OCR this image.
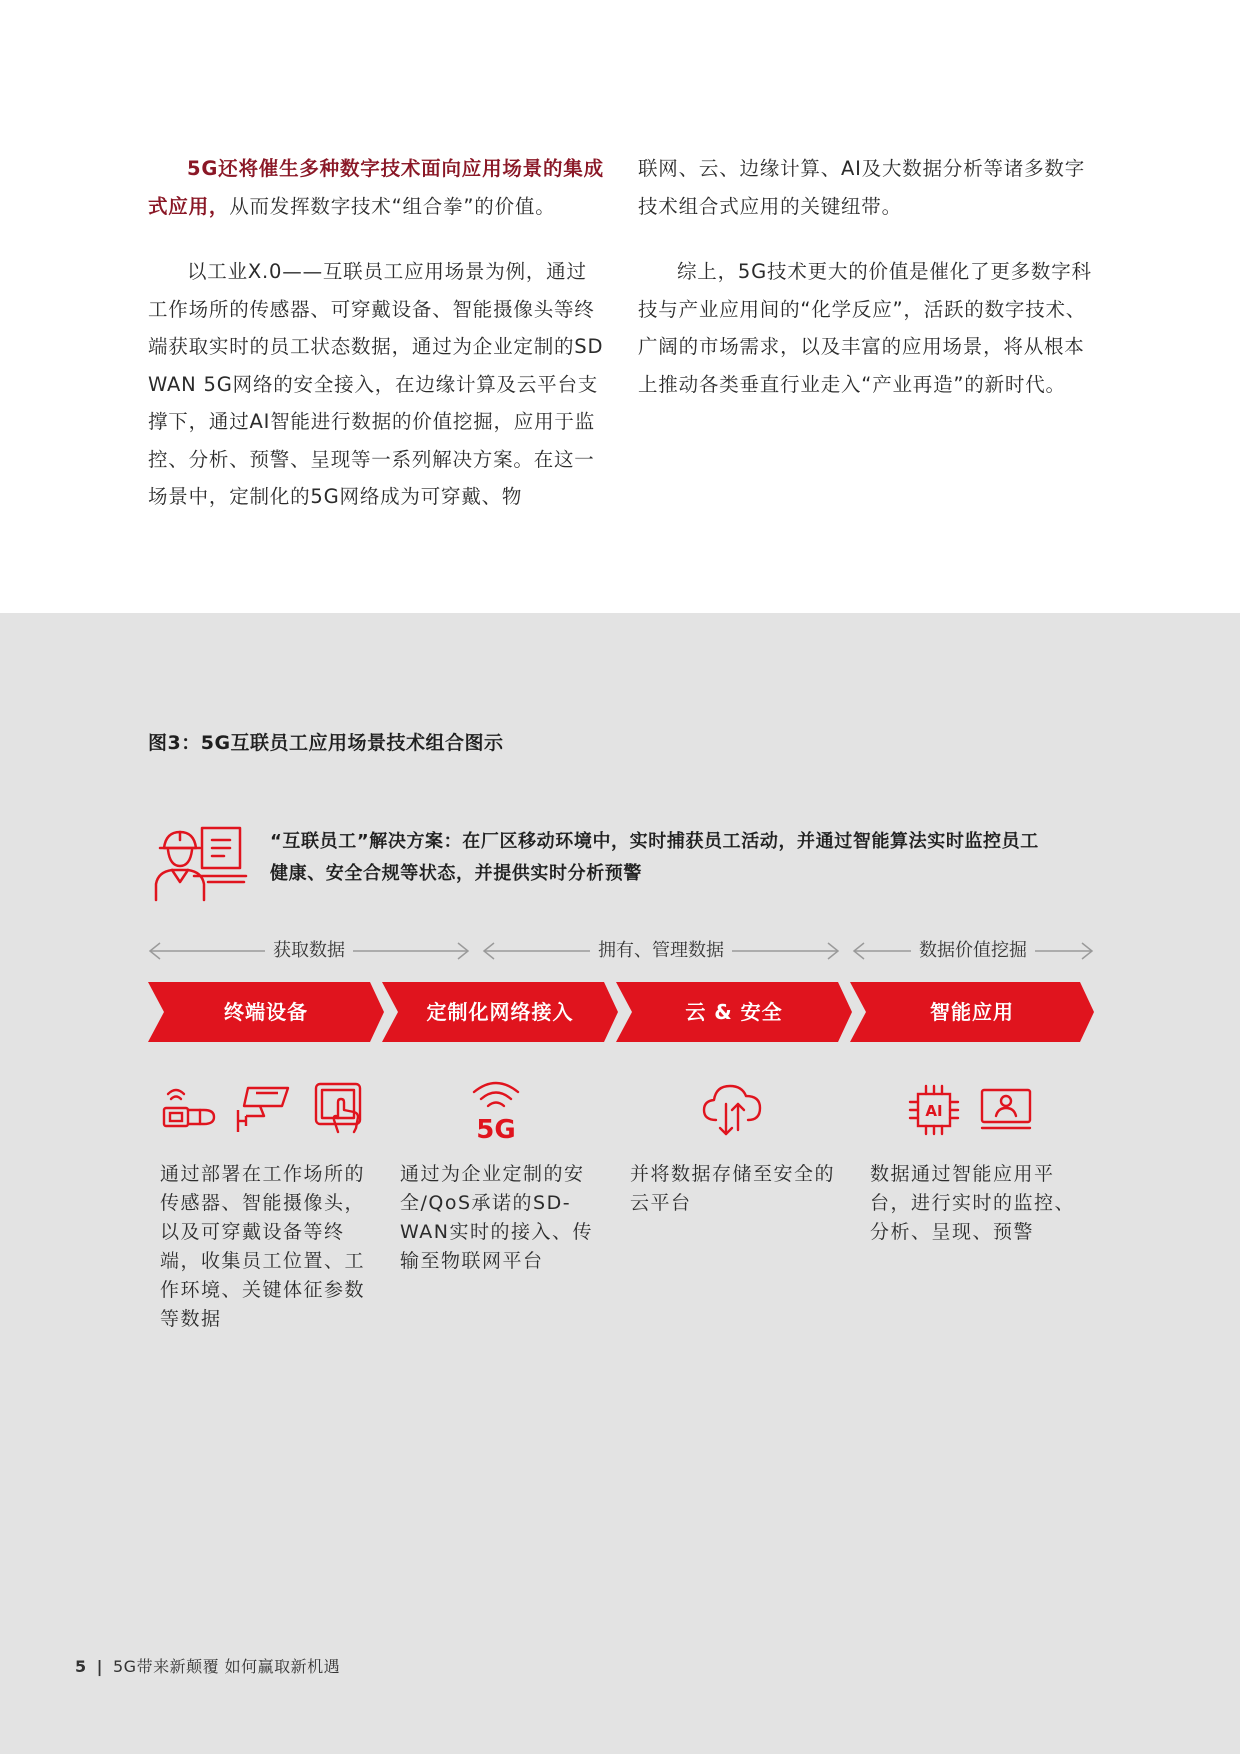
5G还将催生多种数字技术面向应用场景的集成式应用，从而发挥数字技术“组合拳”的价值。

以工业X.0——互联员工应用场景为例，通过工作场所的传感器、可穿戴设备、智能摄像头等终端获取实时的员工状态数据，通过为企业定制的SD WAN 5G网络的安全接入，在边缘计算及云平台支撑下，通过AI智能进行数据的价值挖掘，应用于监控、分析、预警、呈现等一系列解决方案。在这一场景中，定制化的5G网络成为可穿戴、物

联网、云、边缘计算、AI及大数据分析等诸多数字技术组合式应用的关键纽带。

综上，5G技术更大的价值是催化了更多数字科技与产业应用间的“化学反应”，活跃的数字技术、广阔的市场需求，以及丰富的应用场景，将从根本上推动各类垂直行业走入“产业再造”的新时代。

图3：5G互联员工应用场景技术组合图示
“互联员工”解决方案：在厂区移动环境中，实时捕获员工活动，并通过智能算法实时监控员工
健康、安全合规等状态，并提供实时分析预警
获取数据	拥有、管理数据	数据价值挖掘
终端设备	定制化网络接入	云 & 安全	智能应用
5G
AI
通过部署在工作场所的传感器、智能摄像头，以及可穿戴设备等终端，收集员工位置、工作环境、关键体征参数等数据
通过为企业定制的安全/QoS承诺的SD-WAN实时的接入、传输至物联网平台
并将数据存储至安全的云平台
数据通过智能应用平台，进行实时的监控、分析、呈现、预警
5 | 5G带来新颠覆 如何赢取新机遇
